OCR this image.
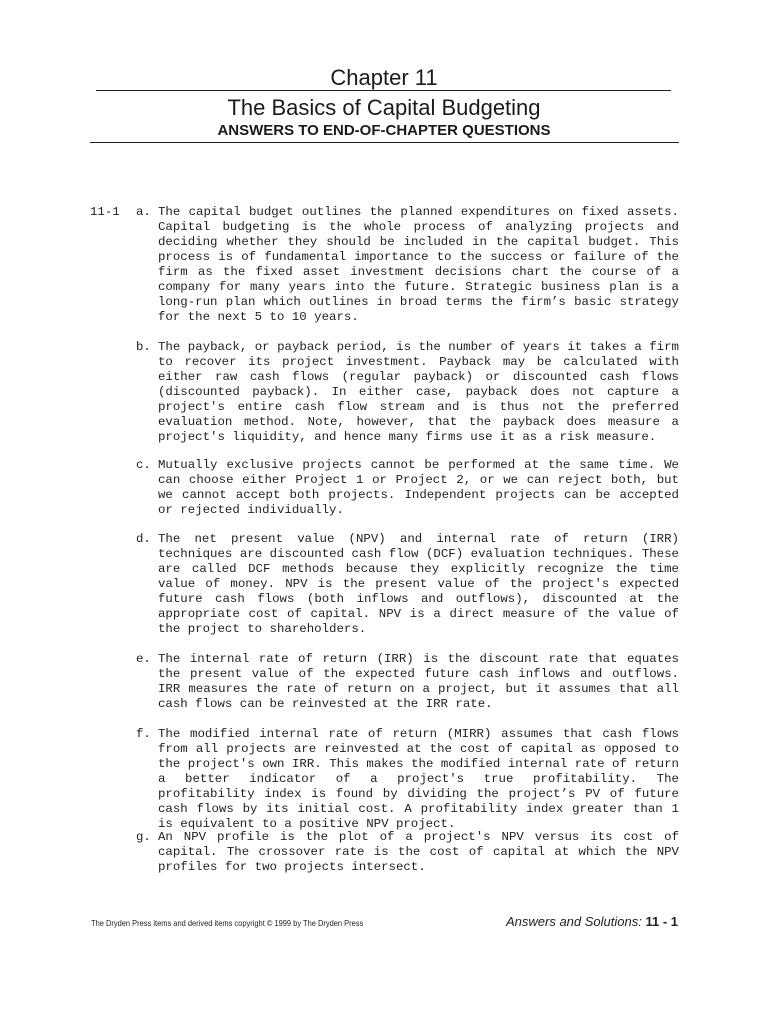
Chapter 11
The Basics of Capital Budgeting
ANSWERS TO END-OF-CHAPTER QUESTIONS
11-1 a. The capital budget outlines the planned expenditures on fixed assets. Capital budgeting is the whole process of analyzing projects and deciding whether they should be included in the capital budget. This process is of fundamental importance to the success or failure of the firm as the fixed asset investment decisions chart the course of a company for many years into the future. Strategic business plan is a long-run plan which outlines in broad terms the firm’s basic strategy for the next 5 to 10 years.
b. The payback, or payback period, is the number of years it takes a firm to recover its project investment. Payback may be calculated with either raw cash flows (regular payback) or discounted cash flows (discounted payback). In either case, payback does not capture a project's entire cash flow stream and is thus not the preferred evaluation method. Note, however, that the payback does measure a project's liquidity, and hence many firms use it as a risk measure.
c. Mutually exclusive projects cannot be performed at the same time. We can choose either Project 1 or Project 2, or we can reject both, but we cannot accept both projects. Independent projects can be accepted or rejected individually.
d. The net present value (NPV) and internal rate of return (IRR) techniques are discounted cash flow (DCF) evaluation techniques. These are called DCF methods because they explicitly recognize the time value of money. NPV is the present value of the project's expected future cash flows (both inflows and outflows), discounted at the appropriate cost of capital. NPV is a direct measure of the value of the project to shareholders.
e. The internal rate of return (IRR) is the discount rate that equates the present value of the expected future cash inflows and outflows. IRR measures the rate of return on a project, but it assumes that all cash flows can be reinvested at the IRR rate.
f. The modified internal rate of return (MIRR) assumes that cash flows from all projects are reinvested at the cost of capital as opposed to the project's own IRR. This makes the modified internal rate of return a better indicator of a project's true profitability. The profitability index is found by dividing the project’s PV of future cash flows by its initial cost. A profitability index greater than 1 is equivalent to a positive NPV project.
g. An NPV profile is the plot of a project's NPV versus its cost of capital. The crossover rate is the cost of capital at which the NPV profiles for two projects intersect.
The Dryden Press items and derived items copyright © 1999 by The Dryden Press	Answers and Solutions: 11 - 1
